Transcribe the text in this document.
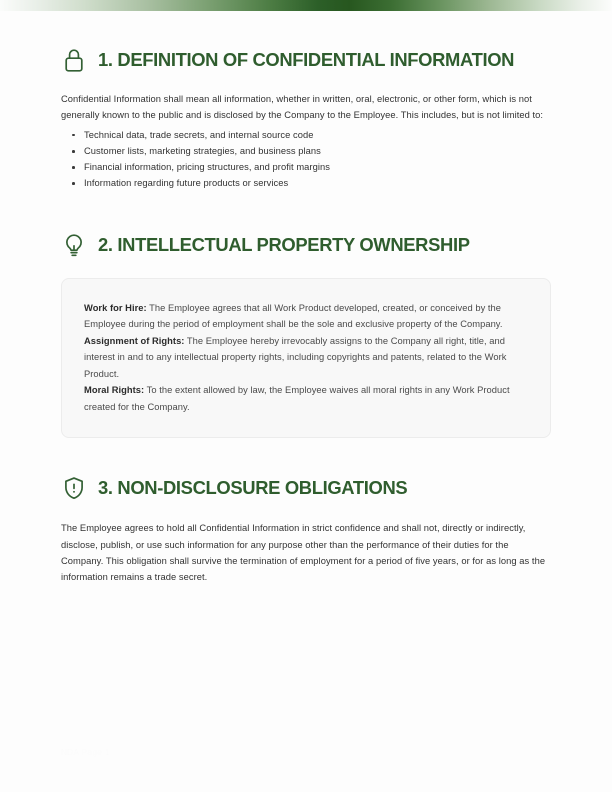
1. DEFINITION OF CONFIDENTIAL INFORMATION

Confidential Information shall mean all information, whether in written, oral, electronic, or other form, which is not generally known to the public and is disclosed by the Company to the Employee. This includes, but is not limited to:

Technical data, trade secrets, and internal source code
Customer lists, marketing strategies, and business plans
Financial information, pricing structures, and profit margins
Information regarding future products or services
2. INTELLECTUAL PROPERTY OWNERSHIP

Work for Hire: The Employee agrees that all Work Product developed, created, or conceived by the Employee during the period of employment shall be the sole and exclusive property of the Company.

Assignment of Rights: The Employee hereby irrevocably assigns to the Company all right, title, and interest in and to any intellectual property rights, including copyrights and patents, related to the Work Product.

Moral Rights: To the extent allowed by law, the Employee waives all moral rights in any Work Product created for the Company.

3. NON-DISCLOSURE OBLIGATIONS

The Employee agrees to hold all Confidential Information in strict confidence and shall not, directly or indirectly, disclose, publish, or use such information for any purpose other than the performance of their duties for the Company. This obligation shall survive the termination of employment for a period of five years, or for as long as the information remains a trade secret.

NDA Page 1
